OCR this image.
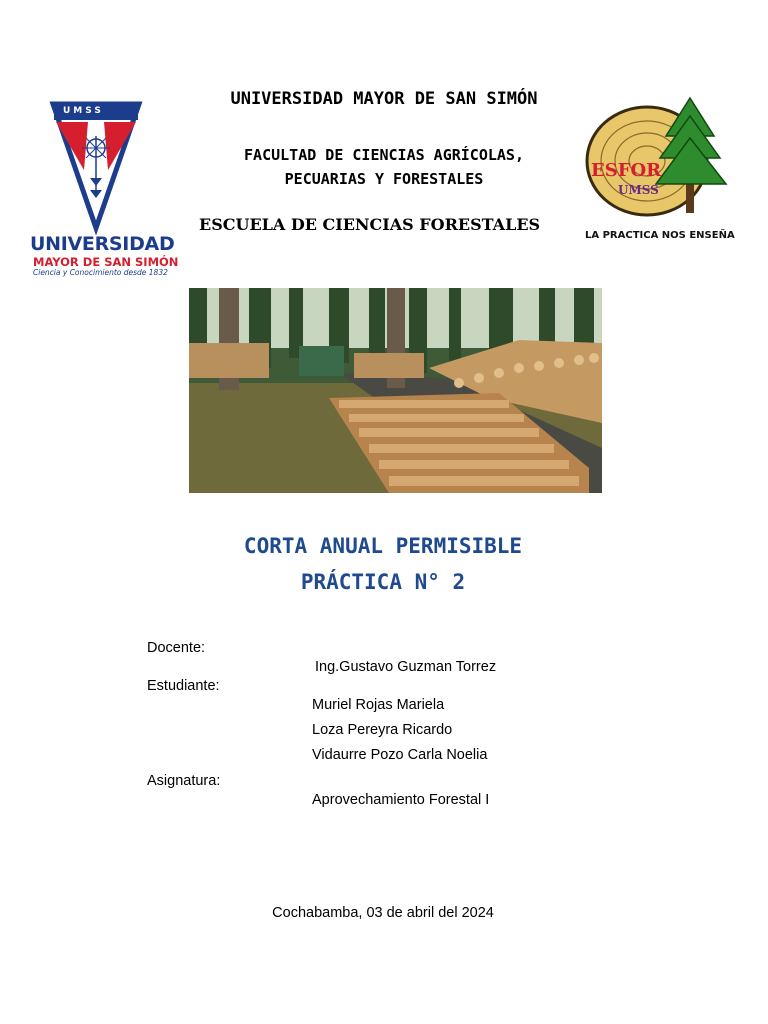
UMSS
UNIVERSIDAD
MAYOR DE SAN SIMÓN
Ciencia y Conocimiento desde 1832
UNIVERSIDAD MAYOR DE SAN SIMÓN
FACULTAD DE CIENCIAS AGRÍCOLAS,
PECUARIAS Y FORESTALES
ESCUELA DE CIENCIAS FORESTALES
ESFOR
UMSS
LA PRACTICA NOS ENSEÑA
CORTA ANUAL PERMISIBLE
PRÁCTICA N° 2
Docente:
Ing.Gustavo Guzman Torrez
Estudiante:
Muriel Rojas Mariela
Loza Pereyra Ricardo
Vidaurre Pozo Carla Noelia
Asignatura:
Aprovechamiento Forestal I
Cochabamba, 03 de abril del 2024
